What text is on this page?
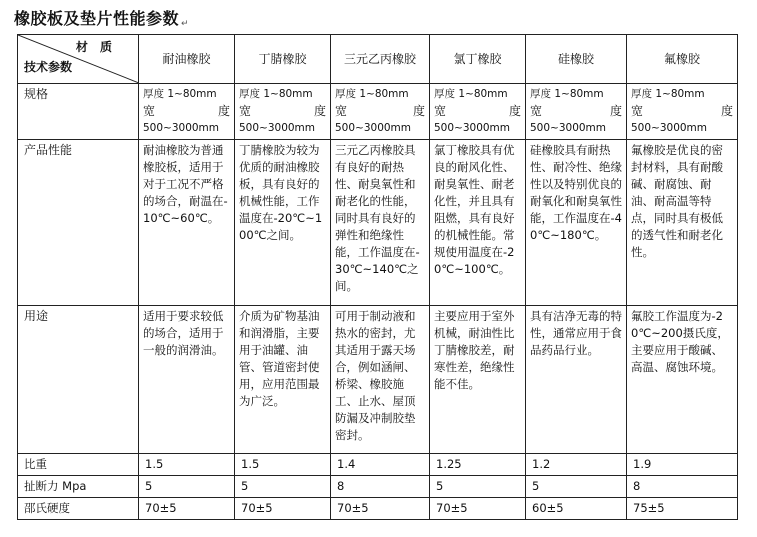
橡胶板及垫片性能参数 ↵
材 质
技术参数	耐油橡胶	丁腈橡胶	三元乙丙橡胶	氯丁橡胶	硅橡胶	氟橡胶
规格	厚度 1~80mm
宽 度
500~3000mm	厚度 1~80mm
宽 度
500~3000mm	厚度 1~80mm
宽 度
500~3000mm	厚度 1~80mm
宽 度
500~3000mm	厚度 1~80mm
宽 度
500~3000mm	厚度 1~80mm
宽 度
500~3000mm

产品性能	耐油橡胶为普通橡胶板，适用于对于工况不严格的场合，耐温在-10℃~60℃。	丁腈橡胶为较为优质的耐油橡胶板，具有良好的机械性能，工作温度在-20℃~100℃之间。	三元乙丙橡胶具有良好的耐热性、耐臭氧性和耐老化的性能，同时具有良好的弹性和绝缘性能，工作温度在-30℃~140℃之间。	氯丁橡胶具有优良的耐风化性、耐臭氧性、耐老化性，并且具有阻燃，具有良好的机械性能。常规使用温度在-20℃~100℃。	硅橡胶具有耐热性、耐冷性、绝缘性以及特别优良的耐氧化和耐臭氧性能，工作温度在-40℃~180℃。	氟橡胶是优良的密封材料，具有耐酸碱、耐腐蚀、耐油、耐高温等特点，同时具有极低的透气性和耐老化性。
用途	适用于要求较低的场合，适用于一般的润滑油。	介质为矿物基油和润滑脂，主要用于油罐、油管、管道密封使用，应用范围最为广泛。	可用于制动液和热水的密封，尤其适用于露天场合，例如涵闸、桥梁、橡胶施工、止水、屋顶防漏及冲制胶垫密封。	主要应用于室外机械，耐油性比丁腈橡胶差，耐寒性差，绝缘性能不佳。	具有洁净无毒的特性，通常应用于食品药品行业。	氟胶工作温度为-20℃~200摄氏度，主要应用于酸碱、高温、腐蚀环境。
比重	1.5	1.5	1.4	1.25	1.2	1.9
扯断力 Mpa	5	5	8	5	5	8
邵氏硬度	70±5	70±5	70±5	70±5	60±5	75±5
